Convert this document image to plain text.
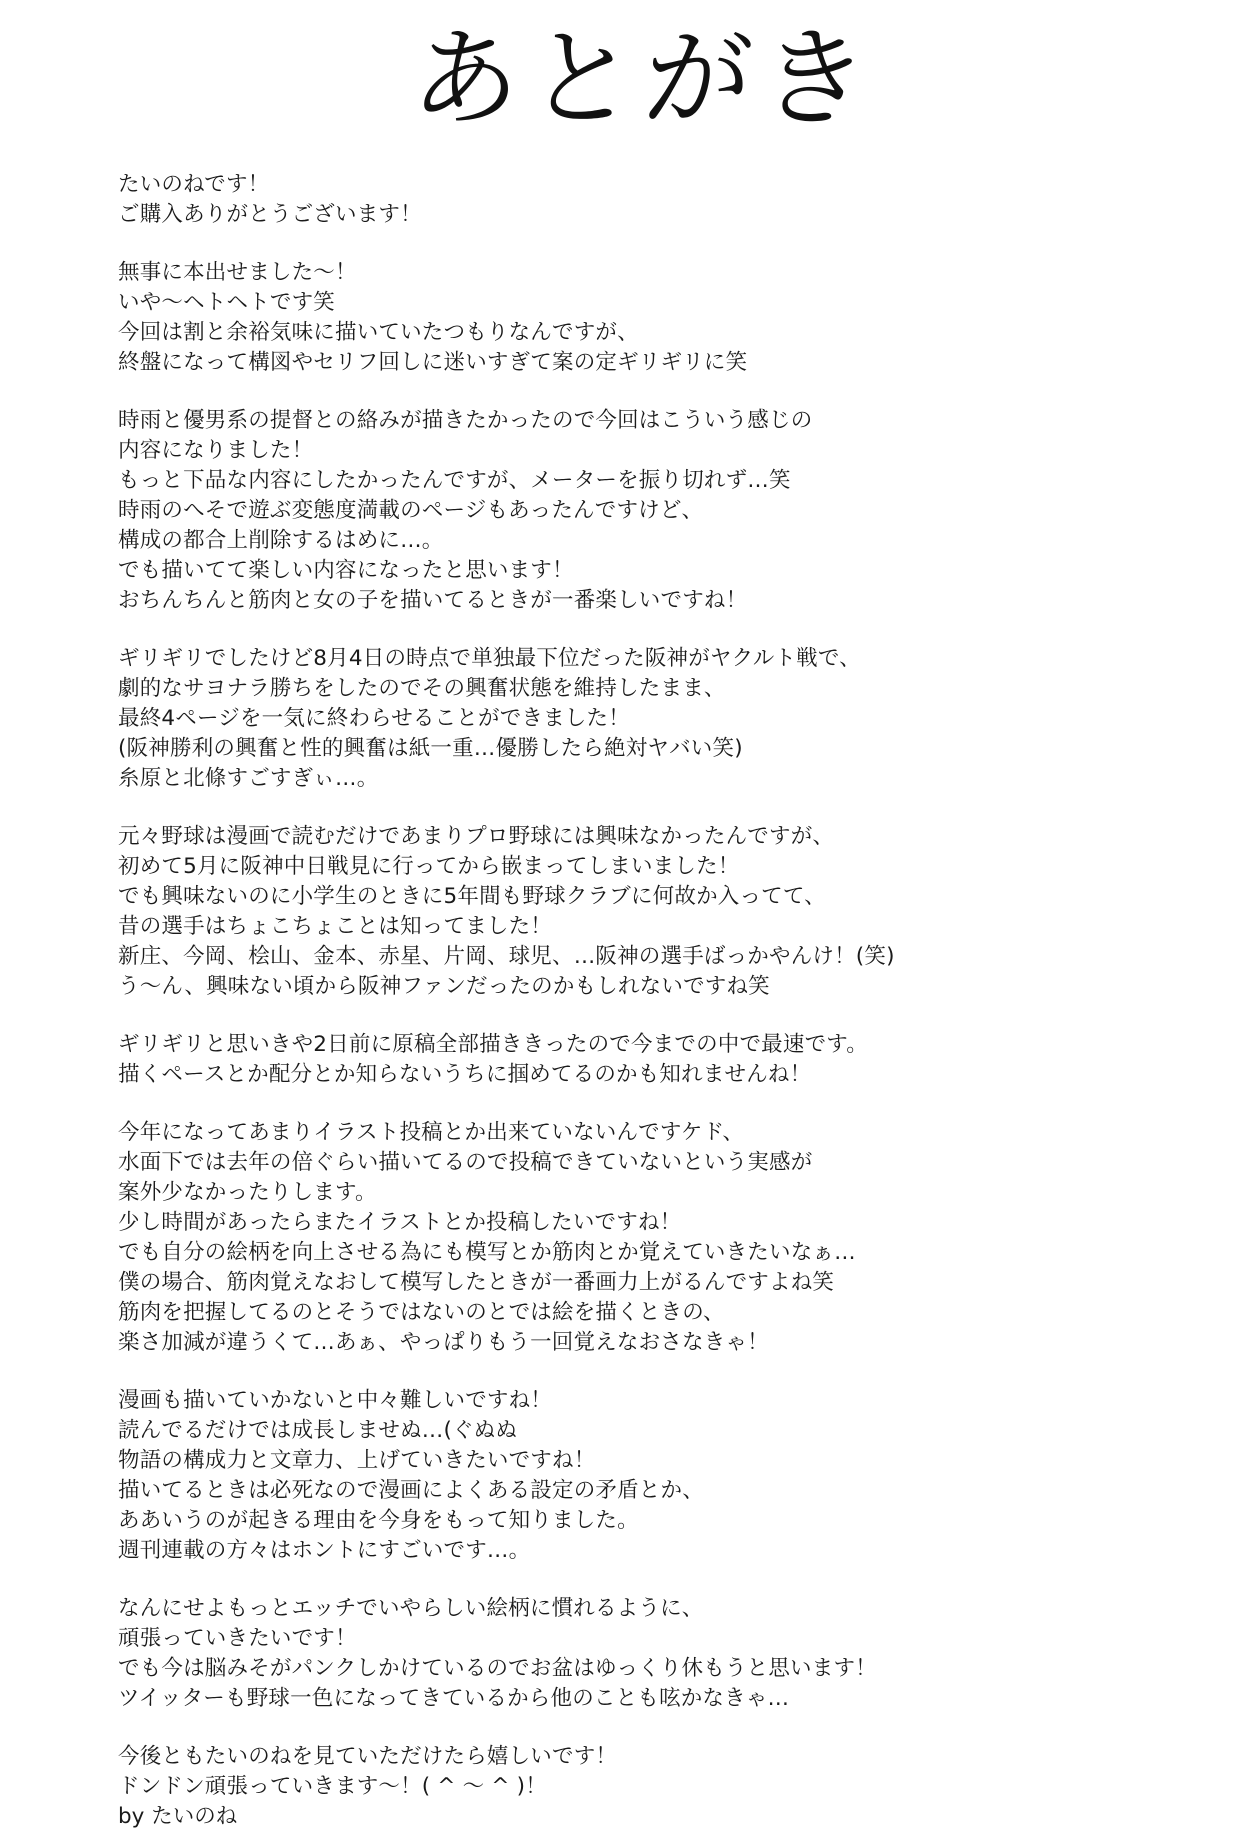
あとがき
たいのねです！
ご購入ありがとうございます！
無事に本出せました～！
いや～ヘトヘトです笑
今回は割と余裕気味に描いていたつもりなんですが、
終盤になって構図やセリフ回しに迷いすぎて案の定ギリギリに笑
時雨と優男系の提督との絡みが描きたかったので今回はこういう感じの
内容になりました！
もっと下品な内容にしたかったんですが、メーターを振り切れず…笑
時雨のへそで遊ぶ変態度満載のページもあったんですけど、
構成の都合上削除するはめに…。
でも描いてて楽しい内容になったと思います！
おちんちんと筋肉と女の子を描いてるときが一番楽しいですね！
ギリギリでしたけど8月4日の時点で単独最下位だった阪神がヤクルト戦で、
劇的なサヨナラ勝ちをしたのでその興奮状態を維持したまま、
最終4ページを一気に終わらせることができました！
(阪神勝利の興奮と性的興奮は紙一重…優勝したら絶対ヤバい笑)
糸原と北條すごすぎぃ…。
元々野球は漫画で読むだけであまりプロ野球には興味なかったんですが、
初めて5月に阪神中日戦見に行ってから嵌まってしまいました！
でも興味ないのに小学生のときに5年間も野球クラブに何故か入ってて、
昔の選手はちょこちょことは知ってました！
新庄、今岡、桧山、金本、赤星、片岡、球児、…阪神の選手ばっかやんけ！(笑)
う～ん、興味ない頃から阪神ファンだったのかもしれないですね笑
ギリギリと思いきや2日前に原稿全部描ききったので今までの中で最速です。
描くペースとか配分とか知らないうちに掴めてるのかも知れませんね！
今年になってあまりイラスト投稿とか出来ていないんですケド、
水面下では去年の倍ぐらい描いてるので投稿できていないという実感が
案外少なかったりします。
少し時間があったらまたイラストとか投稿したいですね！
でも自分の絵柄を向上させる為にも模写とか筋肉とか覚えていきたいなぁ…
僕の場合、筋肉覚えなおして模写したときが一番画力上がるんですよね笑
筋肉を把握してるのとそうではないのとでは絵を描くときの、
楽さ加減が違うくて…あぁ、やっぱりもう一回覚えなおさなきゃ！
漫画も描いていかないと中々難しいですね！
読んでるだけでは成長しませぬ…(ぐぬぬ
物語の構成力と文章力、上げていきたいですね！
描いてるときは必死なので漫画によくある設定の矛盾とか、
ああいうのが起きる理由を今身をもって知りました。
週刊連載の方々はホントにすごいです…。
なんにせよもっとエッチでいやらしい絵柄に慣れるように、
頑張っていきたいです！
でも今は脳みそがパンクしかけているのでお盆はゆっくり休もうと思います！
ツイッターも野球一色になってきているから他のことも呟かなきゃ…
今後ともたいのねを見ていただけたら嬉しいです！
ドンドン頑張っていきます～！( ^ ～ ^ )！
by たいのね
